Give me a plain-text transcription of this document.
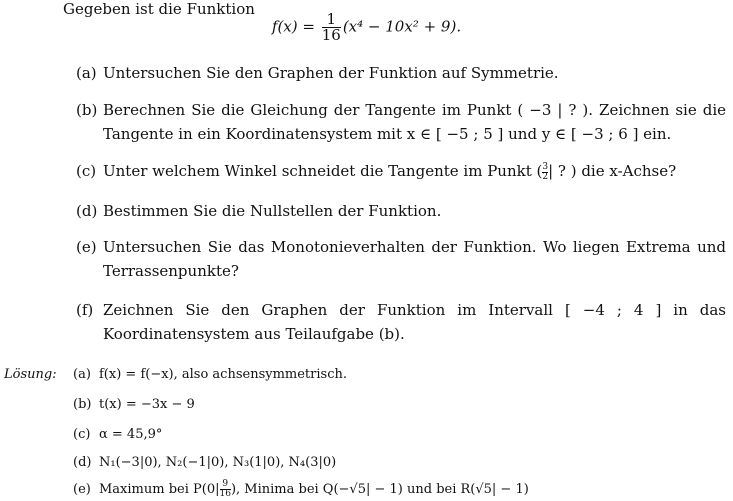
Gegeben ist die Funktion
$f(x) = \frac{1}{16} (x^4 - 10x^2 + 9)$.
(a) Untersuchen Sie den Graphen der Funktion auf Symmetrie.
(b) Berechnen Sie die Gleichung der Tangente im Punkt ( −3 | ? ). Zeichnen sie die Tangente in ein Koordinatensystem mit x ∈ [ −5 ; 5 ] und y ∈ [ −3 ; 6 ] ein.
(c) Unter welchem Winkel schneidet die Tangente im Punkt ( $\frac{3}{2}$ | ? ) die x-Achse?
(d) Bestimmen Sie die Nullstellen der Funktion.
(e) Untersuchen Sie das Monotonieverhalten der Funktion. Wo liegen Extrema und Terrassenpunkte?
(f) Zeichnen Sie den Graphen der Funktion im Intervall [ −4 ; 4 ] in das Koordinatensystem aus Teilaufgabe (b).
Lösung: (a) f(x) = f(−x), also achsensymmetrisch.
(b) t(x) = −3x − 9
(c) α = 45,9°
(d) N₁(−3|0), N₂(−1|0), N₃(1|0), N₄(3|0)
(e) Maximum bei $P(0| \frac{9}{16}$ ), Minima bei Q(−√5| − 1) und bei R(√5| − 1)
